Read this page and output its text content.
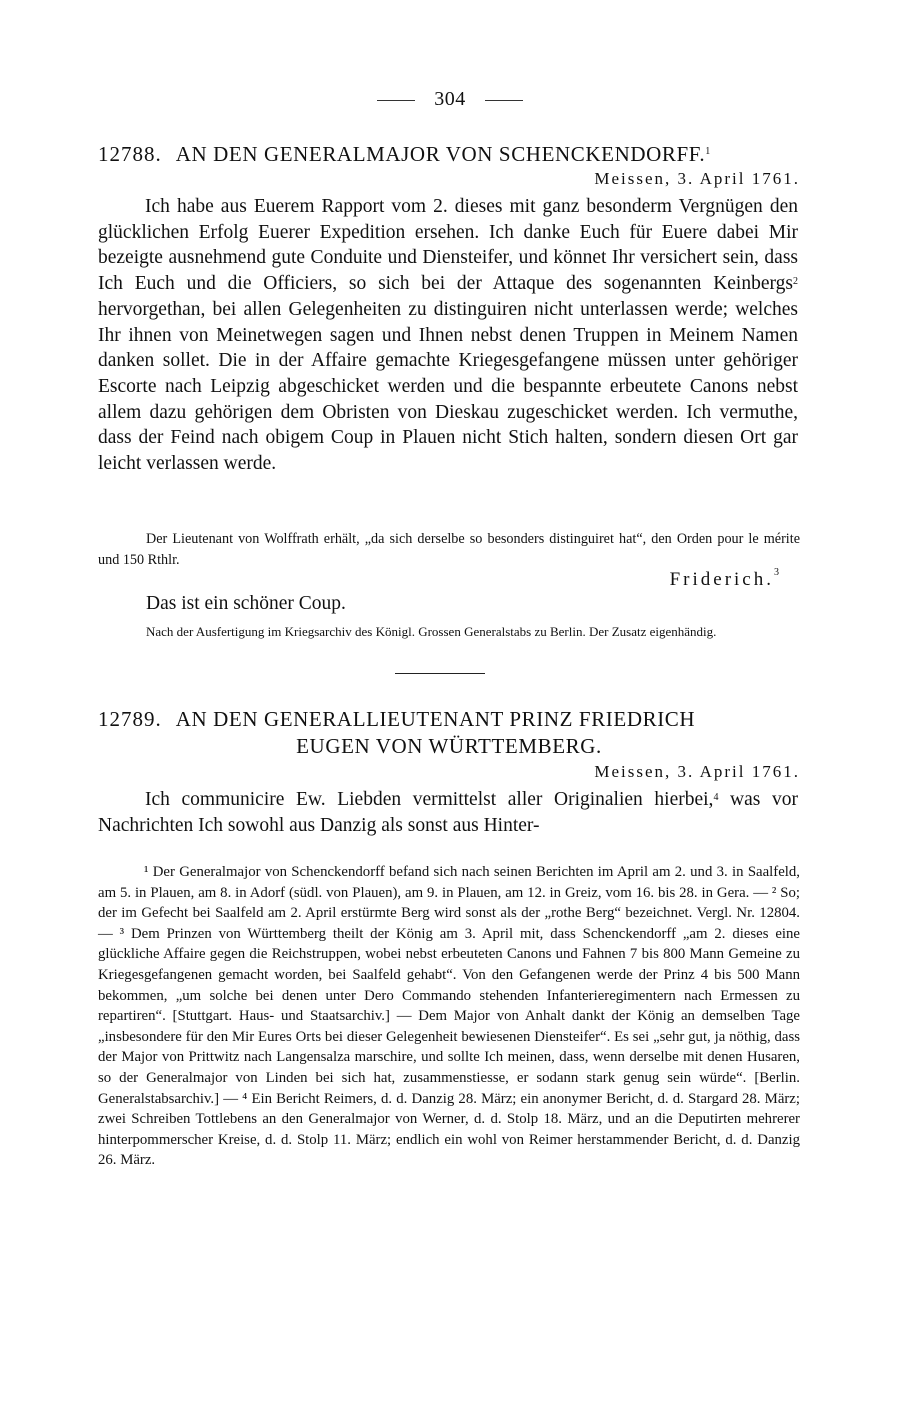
304
12788. AN DEN GENERALMAJOR VON SCHENCKENDORFF.$^1$
Meissen, 3. April 1761.
Ich habe aus Euerem Rapport vom 2. dieses mit ganz besonderm Vergnügen den glücklichen Erfolg Euerer Expedition ersehen. Ich danke Euch für Euere dabei Mir bezeigte ausnehmend gute Conduite und Diensteifer, und könnet Ihr versichert sein, dass Ich Euch und die Officiers, so sich bei der Attaque des sogenannten Keinbergs$^2$ hervorgethan, bei allen Gelegenheiten zu distinguiren nicht unterlassen werde; welches Ihr ihnen von Meinetwegen sagen und Ihnen nebst denen Truppen in Meinem Namen danken sollet. Die in der Affaire gemachte Kriegesgefangene müssen unter gehöriger Escorte nach Leipzig abgeschicket werden und die bespannte erbeutete Canons nebst allem dazu gehörigen dem Obristen von Dieskau zugeschicket werden. Ich vermuthe, dass der Feind nach obigem Coup in Plauen nicht Stich halten, sondern diesen Ort gar leicht verlassen werde.
Der Lieutenant von Wolffrath erhält, „da sich derselbe so besonders distinguiret hat“, den Orden pour le mérite und 150 Rthlr.
Friderich.$^3$
Das ist ein schöner Coup.
Nach der Ausfertigung im Kriegsarchiv des Königl. Grossen Generalstabs zu Berlin. Der Zusatz eigenhändig.
12789. AN DEN GENERALLIEUTENANT PRINZ FRIEDRICH
EUGEN VON WÜRTTEMBERG.
Meissen, 3. April 1761.
Ich communicire Ew. Liebden vermittelst aller Originalien hierbei,$^4$ was vor Nachrichten Ich sowohl aus Danzig als sonst aus Hinter-

¹ Der Generalmajor von Schenckendorff befand sich nach seinen Berichten im April am 2. und 3. in Saalfeld, am 5. in Plauen, am 8. in Adorf (südl. von Plauen), am 9. in Plauen, am 12. in Greiz, vom 16. bis 28. in Gera. — ² So; der im Gefecht bei Saalfeld am 2. April erstürmte Berg wird sonst als der „rothe Berg“ bezeichnet. Vergl. Nr. 12804. — ³ Dem Prinzen von Württemberg theilt der König am 3. April mit, dass Schenckendorff „am 2. dieses eine glückliche Affaire gegen die Reichstruppen, wobei nebst erbeuteten Canons und Fahnen 7 bis 800 Mann Gemeine zu Kriegesgefangenen gemacht worden, bei Saalfeld gehabt“. Von den Gefangenen werde der Prinz 4 bis 500 Mann bekommen, „um solche bei denen unter Dero Commando stehenden Infanterieregimentern nach Ermessen zu repartiren“. [Stuttgart. Haus- und Staatsarchiv.] — Dem Major von Anhalt dankt der König an demselben Tage „insbesondere für den Mir Eures Orts bei dieser Gelegenheit bewiesenen Diensteifer“. Es sei „sehr gut, ja nöthig, dass der Major von Prittwitz nach Langensalza marschire, und sollte Ich meinen, dass, wenn derselbe mit denen Husaren, so der Generalmajor von Linden bei sich hat, zusammenstiesse, er sodann stark genug sein würde“. [Berlin. Generalstabsarchiv.] — ⁴ Ein Bericht Reimers, d. d. Danzig 28. März; ein anonymer Bericht, d. d. Stargard 28. März; zwei Schreiben Tottlebens an den Generalmajor von Werner, d. d. Stolp 18. März, und an die Deputirten mehrerer hinterpommerscher Kreise, d. d. Stolp 11. März; endlich ein wohl von Reimer herstammender Bericht, d. d. Danzig 26. März.
